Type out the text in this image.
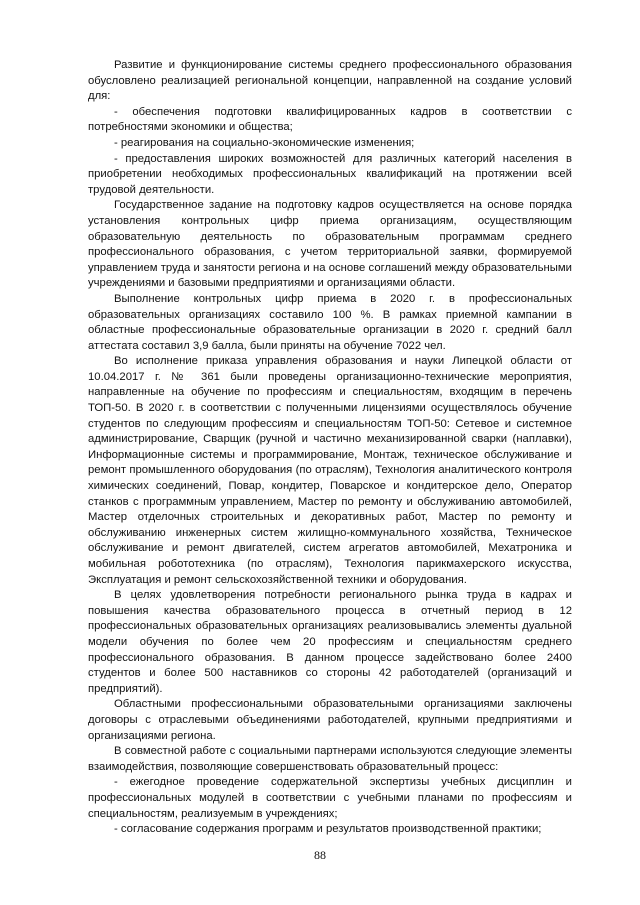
Развитие и функционирование системы среднего профессионального образования обусловлено реализацией региональной концепции, направленной на создание условий для:

- обеспечения подготовки квалифицированных кадров в соответствии с потребностями экономики и общества;

- реагирования на социально-экономические изменения;

- предоставления широких возможностей для различных категорий населения в приобретении необходимых профессиональных квалификаций на протяжении всей трудовой деятельности.

Государственное задание на подготовку кадров осуществляется на основе порядка установления контрольных цифр приема организациям, осуществляющим образовательную деятельность по образовательным программам среднего профессионального образования, с учетом территориальной заявки, формируемой управлением труда и занятости региона и на основе соглашений между образовательными учреждениями и базовыми предприятиями и организациями области.

Выполнение контрольных цифр приема в 2020 г. в профессиональных образовательных организациях составило 100 %. В рамках приемной кампании в областные профессиональные образовательные организации в 2020 г. средний балл аттестата составил 3,9 балла, были приняты на обучение 7022 чел.

Во исполнение приказа управления образования и науки Липецкой области от 10.04.2017 г. № 361 были проведены организационно-технические мероприятия, направленные на обучение по профессиям и специальностям, входящим в перечень ТОП-50. В 2020 г. в соответствии с полученными лицензиями осуществлялось обучение студентов по следующим профессиям и специальностям ТОП-50: Сетевое и системное администрирование, Сварщик (ручной и частично механизированной сварки (наплавки), Информационные системы и программирование, Монтаж, техническое обслуживание и ремонт промышленного оборудования (по отраслям), Технология аналитического контроля химических соединений, Повар, кондитер, Поварское и кондитерское дело, Оператор станков с программным управлением, Мастер по ремонту и обслуживанию автомобилей, Мастер отделочных строительных и декоративных работ, Мастер по ремонту и обслуживанию инженерных систем жилищно-коммунального хозяйства, Техническое обслуживание и ремонт двигателей, систем агрегатов автомобилей, Мехатроника и мобильная робототехника (по отраслям), Технология парикмахерского искусства, Эксплуатация и ремонт сельскохозяйственной техники и оборудования.

В целях удовлетворения потребности регионального рынка труда в кадрах и повышения качества образовательного процесса в отчетный период в 12 профессиональных образовательных организациях реализовывались элементы дуальной модели обучения по более чем 20 профессиям и специальностям среднего профессионального образования. В данном процессе задействовано более 2400 студентов и более 500 наставников со стороны 42 работодателей (организаций и предприятий).

Областными профессиональными образовательными организациями заключены договоры с отраслевыми объединениями работодателей, крупными предприятиями и организациями региона.

В совместной работе с социальными партнерами используются следующие элементы взаимодействия, позволяющие совершенствовать образовательный процесс:

- ежегодное проведение содержательной экспертизы учебных дисциплин и профессиональных модулей в соответствии с учебными планами по профессиям и специальностям, реализуемым в учреждениях;

- согласование содержания программ и результатов производственной практики;

88
